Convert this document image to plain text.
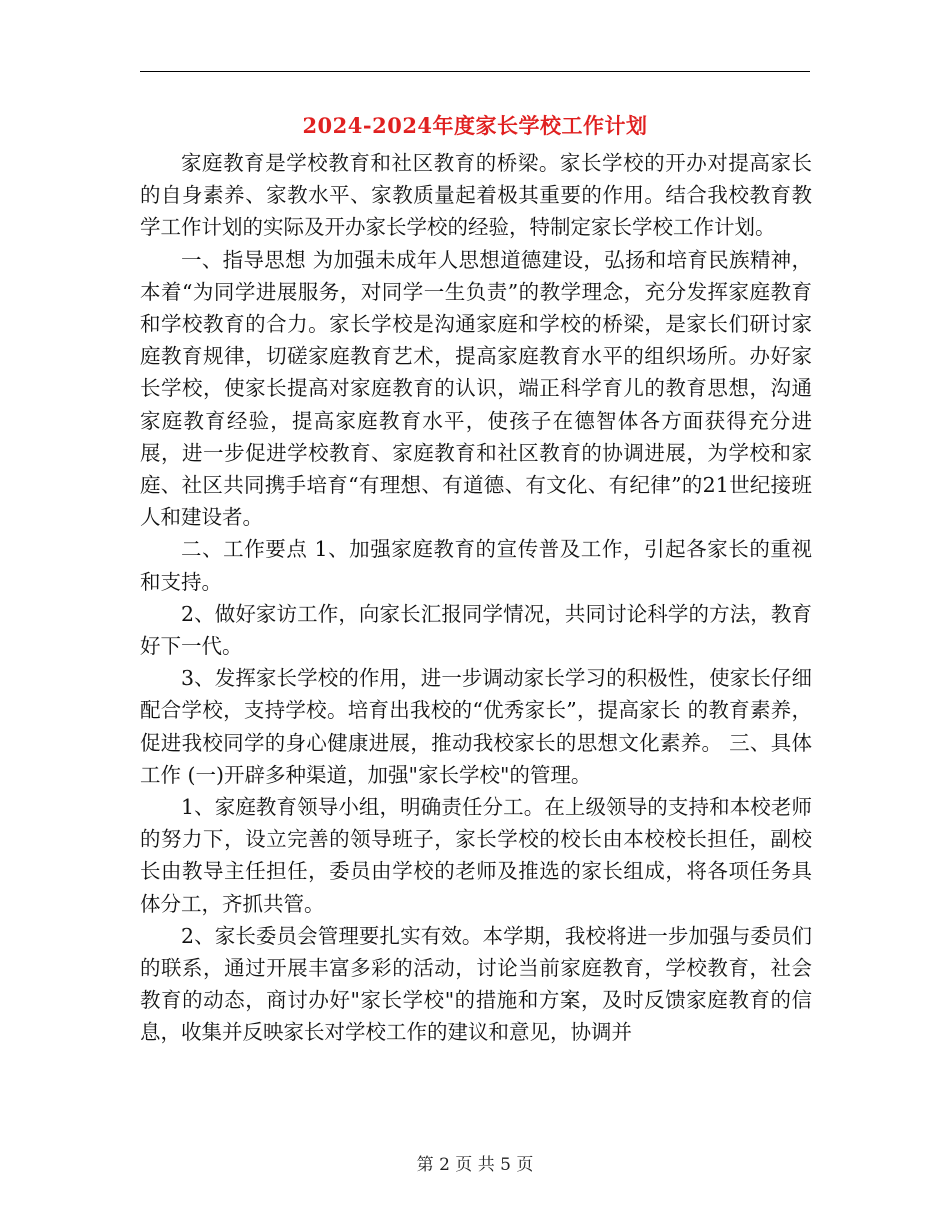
2024-2024年度家长学校工作计划

家庭教育是学校教育和社区教育的桥梁。家长学校的开办对提高家长的自身素养、家教水平、家教质量起着极其重要的作用。结合我校教育教学工作计划的实际及开办家长学校的经验，特制定家长学校工作计划。

一、指导思想 为加强未成年人思想道德建设，弘扬和培育民族精神，本着“为同学进展服务，对同学一生负责”的教学理念，充分发挥家庭教育和学校教育的合力。家长学校是沟通家庭和学校的桥梁，是家长们研讨家庭教育规律，切磋家庭教育艺术，提高家庭教育水平的组织场所。办好家长学校，使家长提高对家庭教育的认识，端正科学育儿的教育思想，沟通家庭教育经验，提高家庭教育水平，使孩子在德智体各方面获得充分进展，进一步促进学校教育、家庭教育和社区教育的协调进展，为学校和家庭、社区共同携手培育“有理想、有道德、有文化、有纪律”的21世纪接班人和建设者。

二、工作要点 1、加强家庭教育的宣传普及工作，引起各家长的重视和支持。

2、做好家访工作，向家长汇报同学情况，共同讨论科学的方法，教育好下一代。

3、发挥家长学校的作用，进一步调动家长学习的积极性，使家长仔细配合学校，支持学校。培育出我校的“优秀家长”，提高家长 的教育素养，促进我校同学的身心健康进展，推动我校家长的思想文化素养。 三、具体工作 (一)开辟多种渠道，加强"家长学校"的管理。

1、家庭教育领导小组，明确责任分工。在上级领导的支持和本校老师的努力下，设立完善的领导班子，家长学校的校长由本校校长担任，副校长由教导主任担任，委员由学校的老师及推选的家长组成，将各项任务具体分工，齐抓共管。

2、家长委员会管理要扎实有效。本学期，我校将进一步加强与委员们的联系，通过开展丰富多彩的活动，讨论当前家庭教育，学校教育，社会教育的动态，商讨办好"家长学校"的措施和方案，及时反馈家庭教育的信息，收集并反映家长对学校工作的建议和意见，协调并

第 2 页 共 5 页
